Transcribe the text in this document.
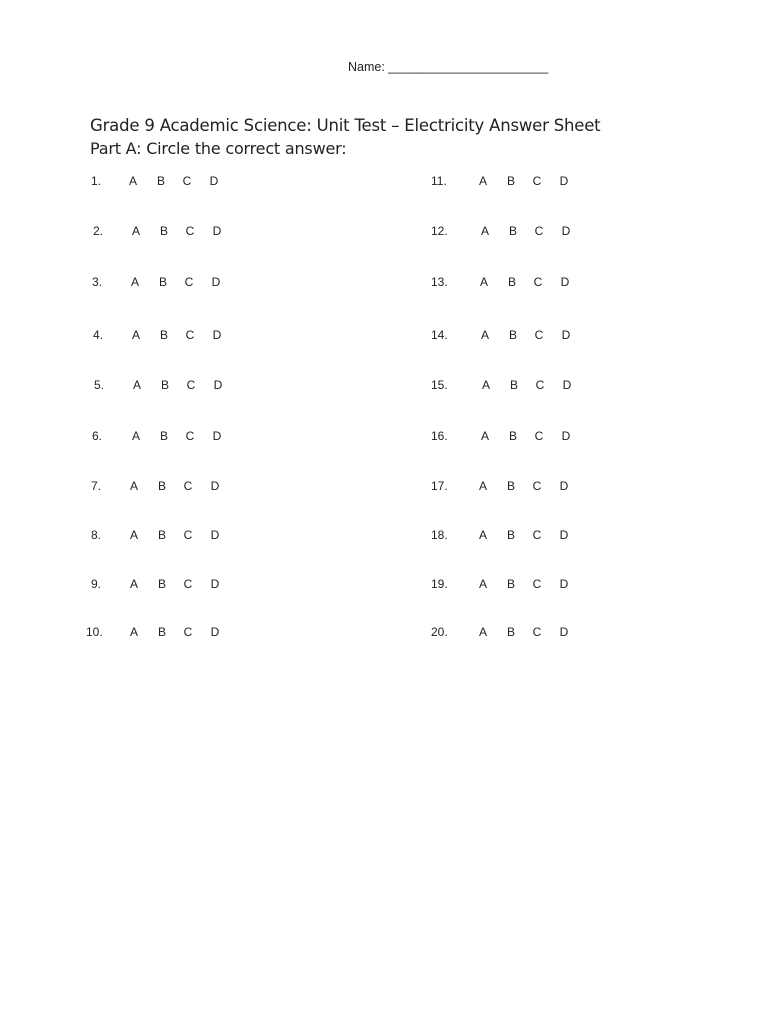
Name: _______________________
Grade 9 Academic Science: Unit Test – Electricity Answer Sheet
Part A: Circle the correct answer:
1. A B C D
2. A B C D
3. A B C D
4. A B C D
5. A B C D
6. A B C D
7. A B C D
8. A B C D
9. A B C D
10. A B C D
11.	A B C D
12.	A B C D
13.	A B C D
14.	A B C D
15.	A B C D
16.	A B C D
17.	A B C D
18.	A B C D
19.	A B C D
20.	A B C D
